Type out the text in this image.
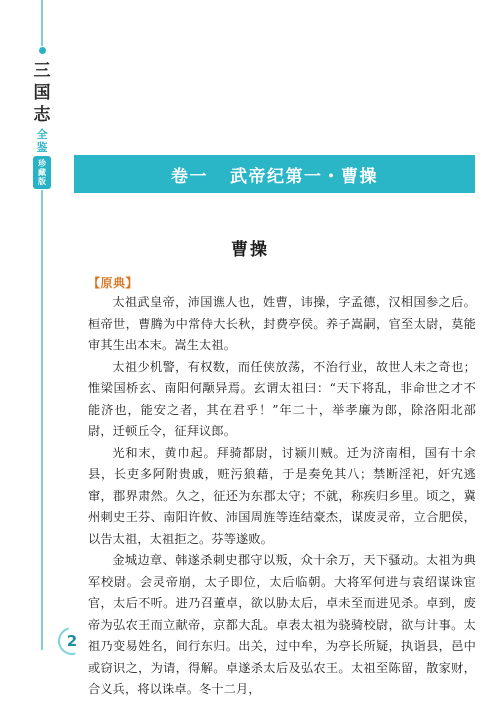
三
国
志
全
鉴
珍
藏
版	卷一 武帝纪第一・曹操
曹操
【原典】

太祖武皇帝，沛国谯人也，姓曹，讳操，字孟德，汉相国参之后。桓帝世，曹腾为中常侍大长秋，封费亭侯。养子嵩嗣，官至太尉，莫能审其生出本末。嵩生太祖。

太祖少机警，有权数，而任侠放荡，不治行业，故世人未之奇也；惟梁国桥玄、南阳何颙异焉。玄谓太祖曰：“天下将乱，非命世之才不能济也，能安之者，其在君乎！”年二十，举孝廉为郎，除洛阳北部尉，迁顿丘令，征拜议郎。

光和末，黄巾起。拜骑都尉，讨颍川贼。迁为济南相，国有十余县，长吏多阿附贵戚，赃污狼藉，于是奏免其八；禁断淫祀，奸宄逃窜，郡界肃然。久之，征还为东郡太守；不就，称疾归乡里。顷之，冀州刺史王芬、南阳许攸、沛国周旌等连结豪杰，谋废灵帝，立合肥侯，以告太祖，太祖拒之。芬等遂败。

金城边章、韩遂杀刺史郡守以叛，众十余万，天下骚动。太祖为典军校尉。会灵帝崩，太子即位，太后临朝。大将军何进与袁绍谋诛宦官，太后不听。进乃召董卓，欲以胁太后，卓未至而进见杀。卓到，废帝为弘农王而立献帝，京都大乱。卓表太祖为骁骑校尉，欲与计事。太祖乃变易姓名，间行东归。出关，过中牟，为亭长所疑，执诣县，邑中或窃识之，为请，得解。卓遂杀太后及弘农王。太祖至陈留，散家财，合义兵，将以诛卓。冬十二月，

2
